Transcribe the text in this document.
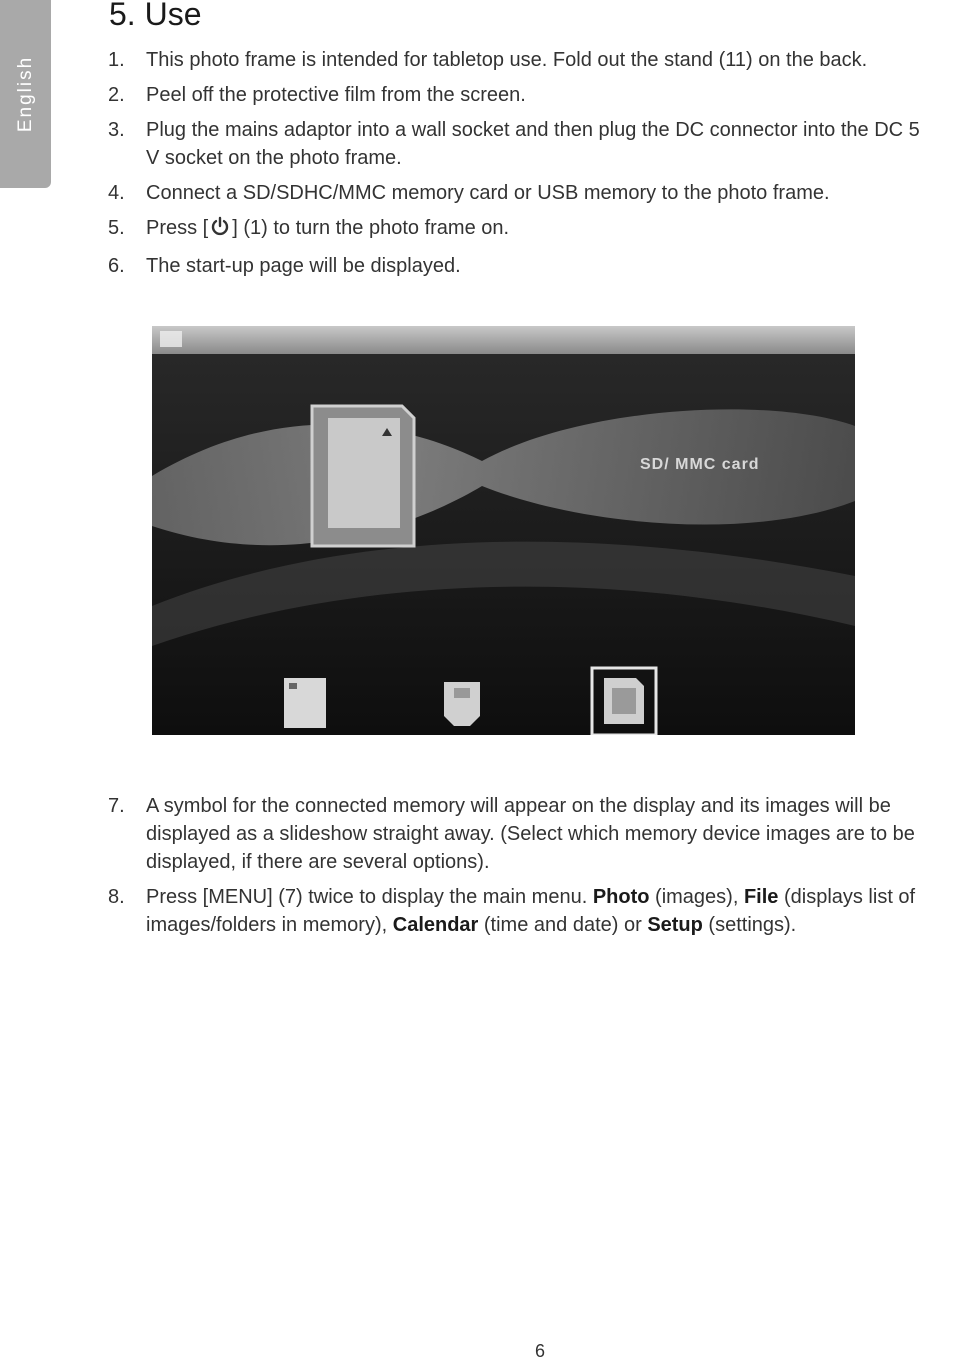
English
5. Use
1. This photo frame is intended for tabletop use. Fold out the stand (11) on the back.
2. Peel off the protective film from the screen.
3. Plug the mains adaptor into a wall socket and then plug the DC connector into the DC 5 V socket on the photo frame.
4. Connect a SD/SDHC/MMC memory card or USB memory to the photo frame.
5. Press [ ] (1) to turn the photo frame on.
6. The start-up page will be displayed.
SD/ MMC card
7. A symbol for the connected memory will appear on the display and its images will be displayed as a slideshow straight away. (Select which memory device images are to be displayed, if there are several options).
8. Press [MENU] (7) twice to display the main menu. Photo (images), File (displays list of images/folders in memory), Calendar (time and date) or Setup (settings).
6
